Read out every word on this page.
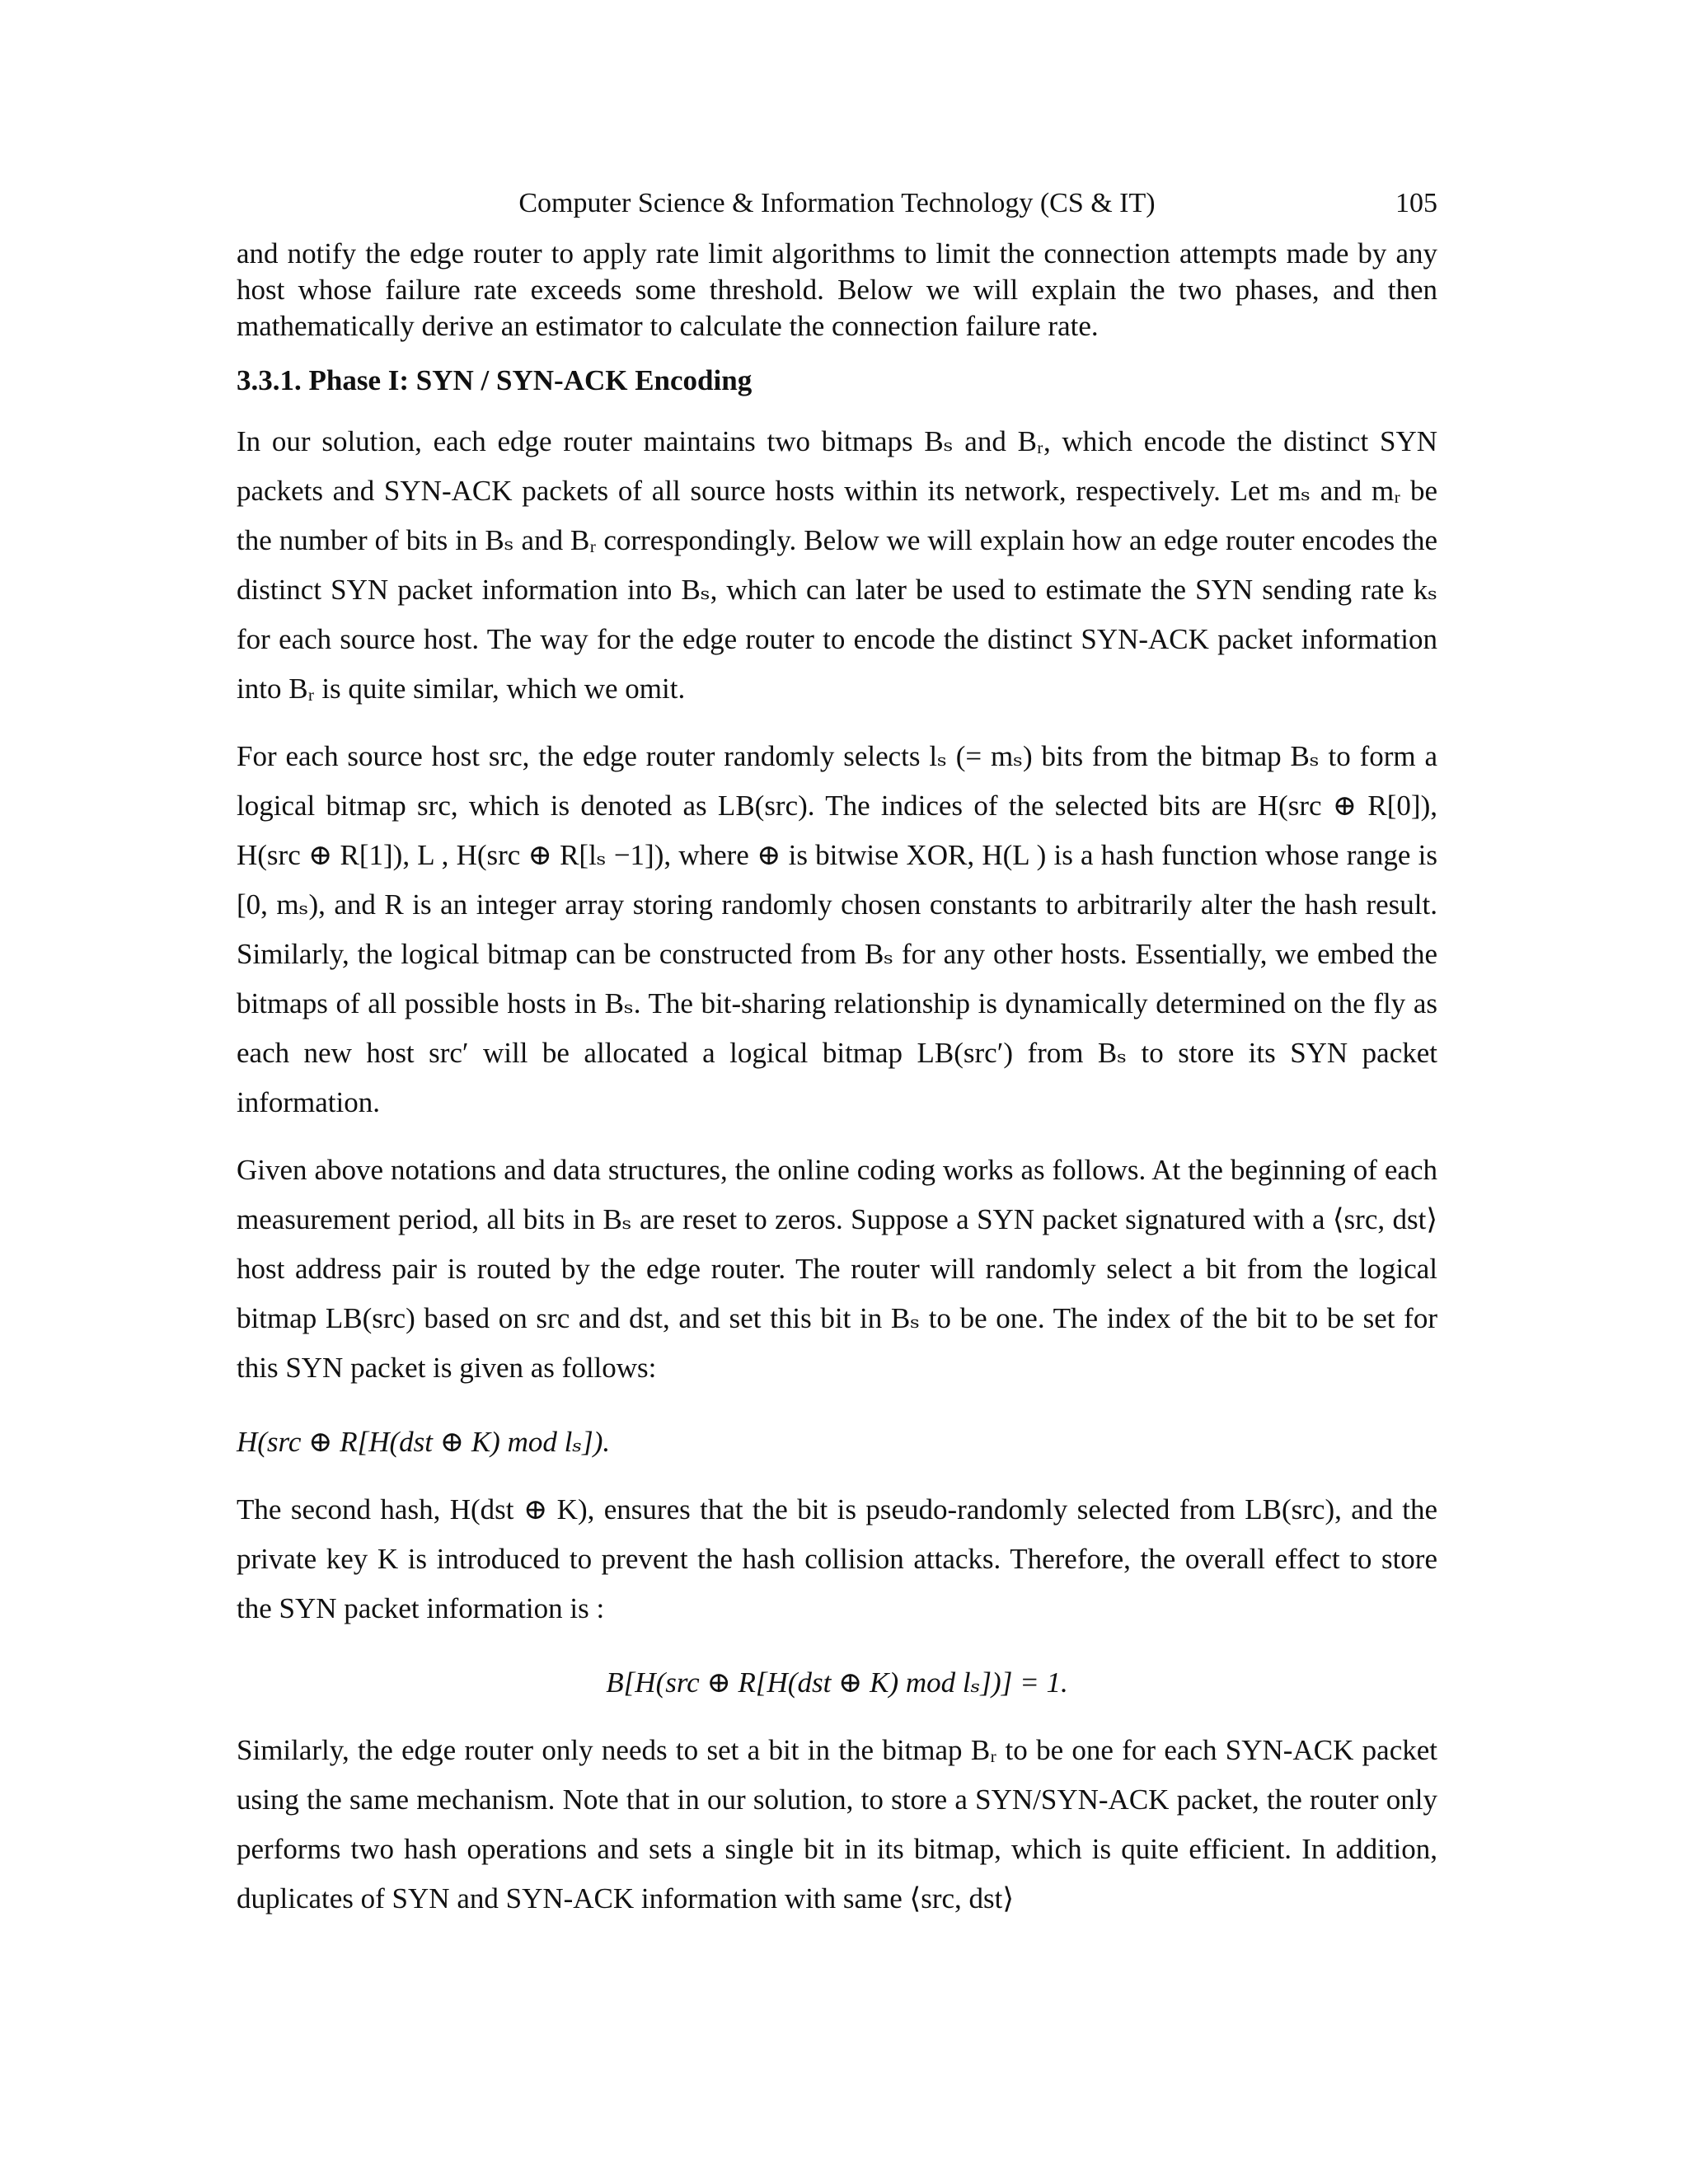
Computer Science & Information Technology (CS & IT)	105

and notify the edge router to apply rate limit algorithms to limit the connection attempts made by any host whose failure rate exceeds some threshold. Below we will explain the two phases, and then mathematically derive an estimator to calculate the connection failure rate.

3.3.1. Phase I: SYN / SYN-ACK Encoding

In our solution, each edge router maintains two bitmaps Bₛ and Bᵣ, which encode the distinct SYN packets and SYN-ACK packets of all source hosts within its network, respectively. Let mₛ and mᵣ be the number of bits in Bₛ and Bᵣ correspondingly. Below we will explain how an edge router encodes the distinct SYN packet information into Bₛ, which can later be used to estimate the SYN sending rate kₛ for each source host. The way for the edge router to encode the distinct SYN-ACK packet information into Bᵣ is quite similar, which we omit.

For each source host src, the edge router randomly selects lₛ (= mₛ) bits from the bitmap Bₛ to form a logical bitmap src, which is denoted as LB(src). The indices of the selected bits are H(src ⊕ R[0]), H(src ⊕ R[1]), L , H(src ⊕ R[lₛ −1]), where ⊕ is bitwise XOR, H(L ) is a hash function whose range is [0, mₛ), and R is an integer array storing randomly chosen constants to arbitrarily alter the hash result. Similarly, the logical bitmap can be constructed from Bₛ for any other hosts. Essentially, we embed the bitmaps of all possible hosts in Bₛ. The bit-sharing relationship is dynamically determined on the fly as each new host src′ will be allocated a logical bitmap LB(src′) from Bₛ to store its SYN packet information.

Given above notations and data structures, the online coding works as follows. At the beginning of each measurement period, all bits in Bₛ are reset to zeros. Suppose a SYN packet signatured with a ⟨src, dst⟩ host address pair is routed by the edge router. The router will randomly select a bit from the logical bitmap LB(src) based on src and dst, and set this bit in Bₛ to be one. The index of the bit to be set for this SYN packet is given as follows:

H(src ⊕ R[H(dst ⊕ K) mod lₛ]).

The second hash, H(dst ⊕ K), ensures that the bit is pseudo-randomly selected from LB(src), and the private key K is introduced to prevent the hash collision attacks. Therefore, the overall effect to store the SYN packet information is :

B[H(src ⊕ R[H(dst ⊕ K) mod lₛ])] = 1.

Similarly, the edge router only needs to set a bit in the bitmap Bᵣ to be one for each SYN-ACK packet using the same mechanism. Note that in our solution, to store a SYN/SYN-ACK packet, the router only performs two hash operations and sets a single bit in its bitmap, which is quite efficient. In addition, duplicates of SYN and SYN-ACK information with same ⟨src, dst⟩
